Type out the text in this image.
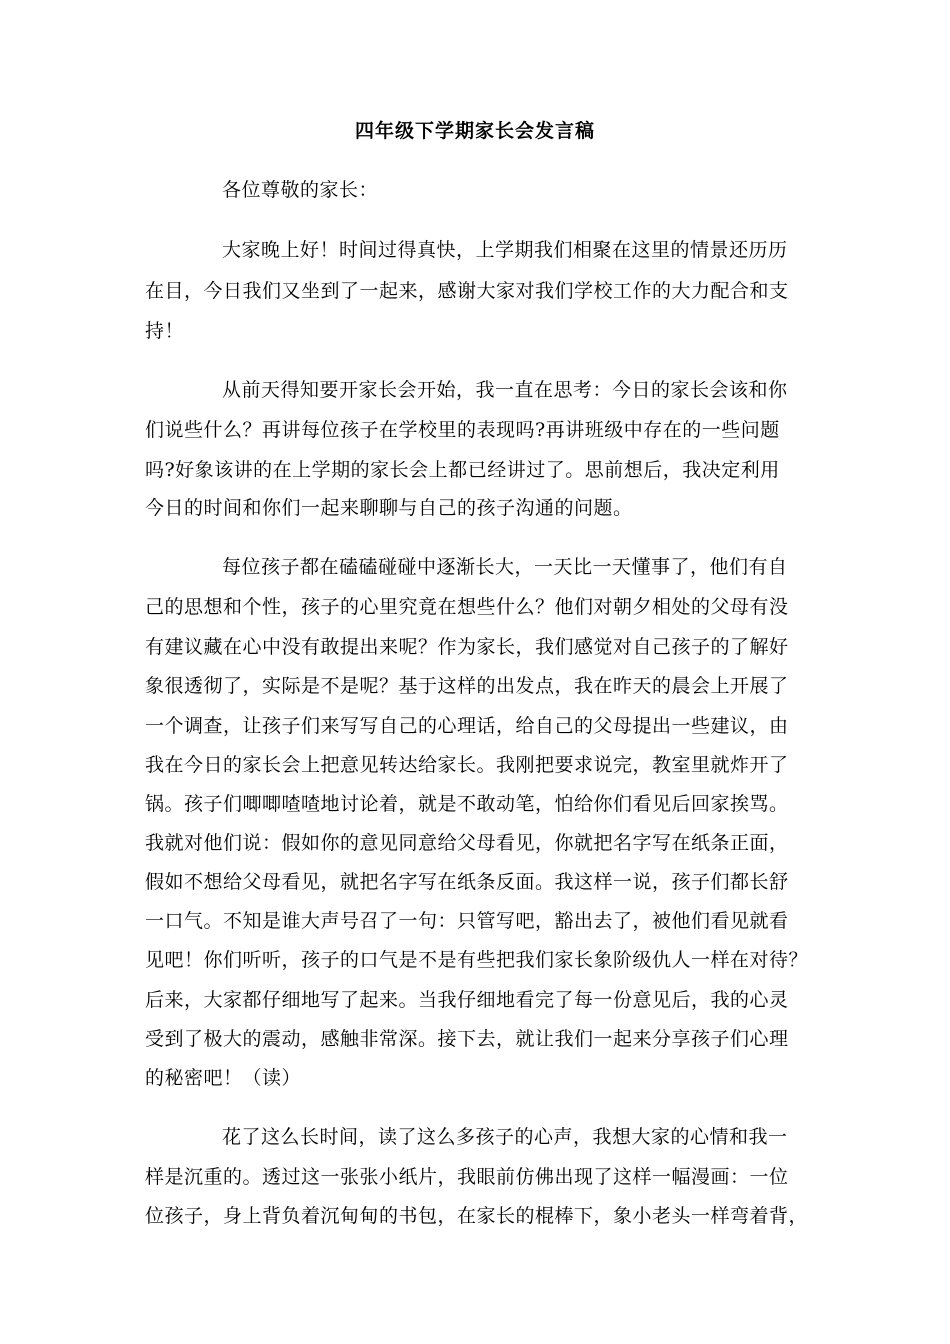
四年级下学期家长会发言稿
各位尊敬的家长：
大家晚上好！时间过得真快，上学期我们相聚在这里的情景还历历
在目，今日我们又坐到了一起来，感谢大家对我们学校工作的大力配合和支
持！
从前天得知要开家长会开始，我一直在思考：今日的家长会该和你
们说些什么？再讲每位孩子在学校里的表现吗?再讲班级中存在的一些问题
吗?好象该讲的在上学期的家长会上都已经讲过了。思前想后，我决定利用
今日的时间和你们一起来聊聊与自己的孩子沟通的问题。
每位孩子都在磕磕碰碰中逐渐长大，一天比一天懂事了，他们有自
己的思想和个性，孩子的心里究竟在想些什么？他们对朝夕相处的父母有没
有建议藏在心中没有敢提出来呢？作为家长，我们感觉对自己孩子的了解好
象很透彻了，实际是不是呢？基于这样的出发点，我在昨天的晨会上开展了
一个调查，让孩子们来写写自己的心理话，给自己的父母提出一些建议，由
我在今日的家长会上把意见转达给家长。我刚把要求说完，教室里就炸开了
锅。孩子们唧唧喳喳地讨论着，就是不敢动笔，怕给你们看见后回家挨骂。
我就对他们说：假如你的意见同意给父母看见，你就把名字写在纸条正面，
假如不想给父母看见，就把名字写在纸条反面。我这样一说，孩子们都长舒
一口气。不知是谁大声号召了一句：只管写吧，豁出去了，被他们看见就看
见吧！你们听听，孩子的口气是不是有些把我们家长象阶级仇人一样在对待？
后来，大家都仔细地写了起来。当我仔细地看完了每一份意见后，我的心灵
受到了极大的震动，感触非常深。接下去，就让我们一起来分享孩子们心理
的秘密吧！（读）
花了这么长时间，读了这么多孩子的心声，我想大家的心情和我一
样是沉重的。透过这一张张小纸片，我眼前仿佛出现了这样一幅漫画：一位
位孩子，身上背负着沉甸甸的书包，在家长的棍棒下，象小老头一样弯着背，
